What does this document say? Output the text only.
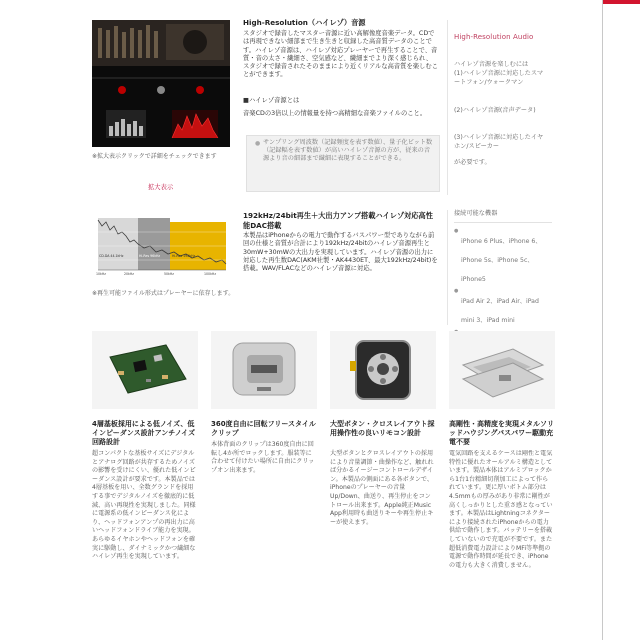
※拡大表示クリックで詳細をチェックできます
拡大表示
High-Resolution（ハイレゾ）音源
スタジオで録音したマスター音源に近い高解像度音楽データ。CDでは再現できない細部まで生き生きと収録した高音質データのことです。ハイレゾ音源は、ハイレゾ対応プレーヤーで再生することで、音質・音の太さ・繊細さ、空気感など、繊細までより深く感じられ、スタジオで録音されたそのままにより近くリアルな高音質を楽しむことができます。
■ハイレゾ音源とは
音楽CDの3倍以上の情報量を持つ高精細な音楽ファイルのこと。
● サンプリング周波数（記録頻度を表す数値）、量子化ビット数（記録幅を表す数値）が高いハイレゾ音源の方が、従来の音源より音の細部まで繊細に表現することができる。
High-Resolution Audio
ハイレゾ音源を楽しむには
(1)ハイレゾ音源に対応したスマートフォン/ウォークマン
(2)ハイレゾ音源(音声データ)
(3)ハイレゾ音源に対応したイヤホン/スピーカー
が必要です。
CD-DA 44.1kHz	Hi-Res 96kHz	Hi-Res 192kHz
10kHz	20kHz	50kHz	100kHz
※再生可能ファイル形式はプレーヤーに依存します。
192kHz/24bit再生＋大出力アンプ搭載ハイレゾ対応高性能DAC搭載
本製品はiPhoneからの電力で動作するバスパワー型でありながら前回の仕様と音質が合計により192kHz/24bitのハイレゾ音源再生と30mW+30mWの大出力を実現しています。ハイレゾ音源の出力に対応した再生数DAC(AKM社製・AK4430ET、最大192kHz/24bit)を搭載。WAV/FLACなどのハイレゾ音源に対応。
接続可能な機器
●
iPhone 6 Plus、iPhone 6、iPhone 5s、iPhone 5c、iPhone5
●
iPad Air 2、iPad Air、iPad mini 3、iPad mini
4層基板採用による低ノイズ、低インピーダンス設計アンチノイズ回路設計
超コンパクトな基板サイズにデジタルとアナログ回路が共存するためノイズの影響を受けにくい、優れた低インピーダンス設計が要求です。本製品では4層基板を用い、全数グランドを採用する事でデジタルノイズを徹底的に低減、高い再現性を実現しました。同様に電源系の低インピーダンス化により、ヘッドフォンアンプの再出力に高いヘッドフォンドライブ能力を実現。あらゆるイヤホンやヘッドフォンを確実に駆動し、ダイナミックかつ繊細なハイレゾ再生を実現しています。
360度自由に回転フリースタイルクリップ
本体背面のクリップは360度自由に回転し4か所でロックします。服装等に合わせて付けたい場所に自由にクリップオン出来ます。
大型ボタン・クロスレイアウト採用操作性の良いリモコン設計
大型ボタンとクロスレイアウトの採用により音量調節・曲操作など、触れれば分かるイージーコントロールデザイン。本製品の側面にある各ボタンで、iPhoneのプレーヤーの音量Up/Down、曲送り、再生停止をコントロール出来ます。Apple純正Music App利用時も曲送りキーや再生停止キーが使えます。
高剛性・高精度を実現メタルソリッドハウジングバスパワー駆動充電不要
電気回路を支えるケースは剛性と電気特性に優れたオールアルミ構造としています。製品本体はアルミブロックから1台1台精細切削加工によって作られています。更に厚いボトム部分は4.5mmもの厚みがあり非常に剛性が高くしっかりとした重さ感となっています。本製品はLightningコネクターにより接続されたiPhoneからの電力供給で動作します。バッテリーを搭載していないので充電が不要です。また超低消費電力設計によりMFi等準拠の電源で動作時間が延長でき、iPhoneの電力も大きく消費しません。
